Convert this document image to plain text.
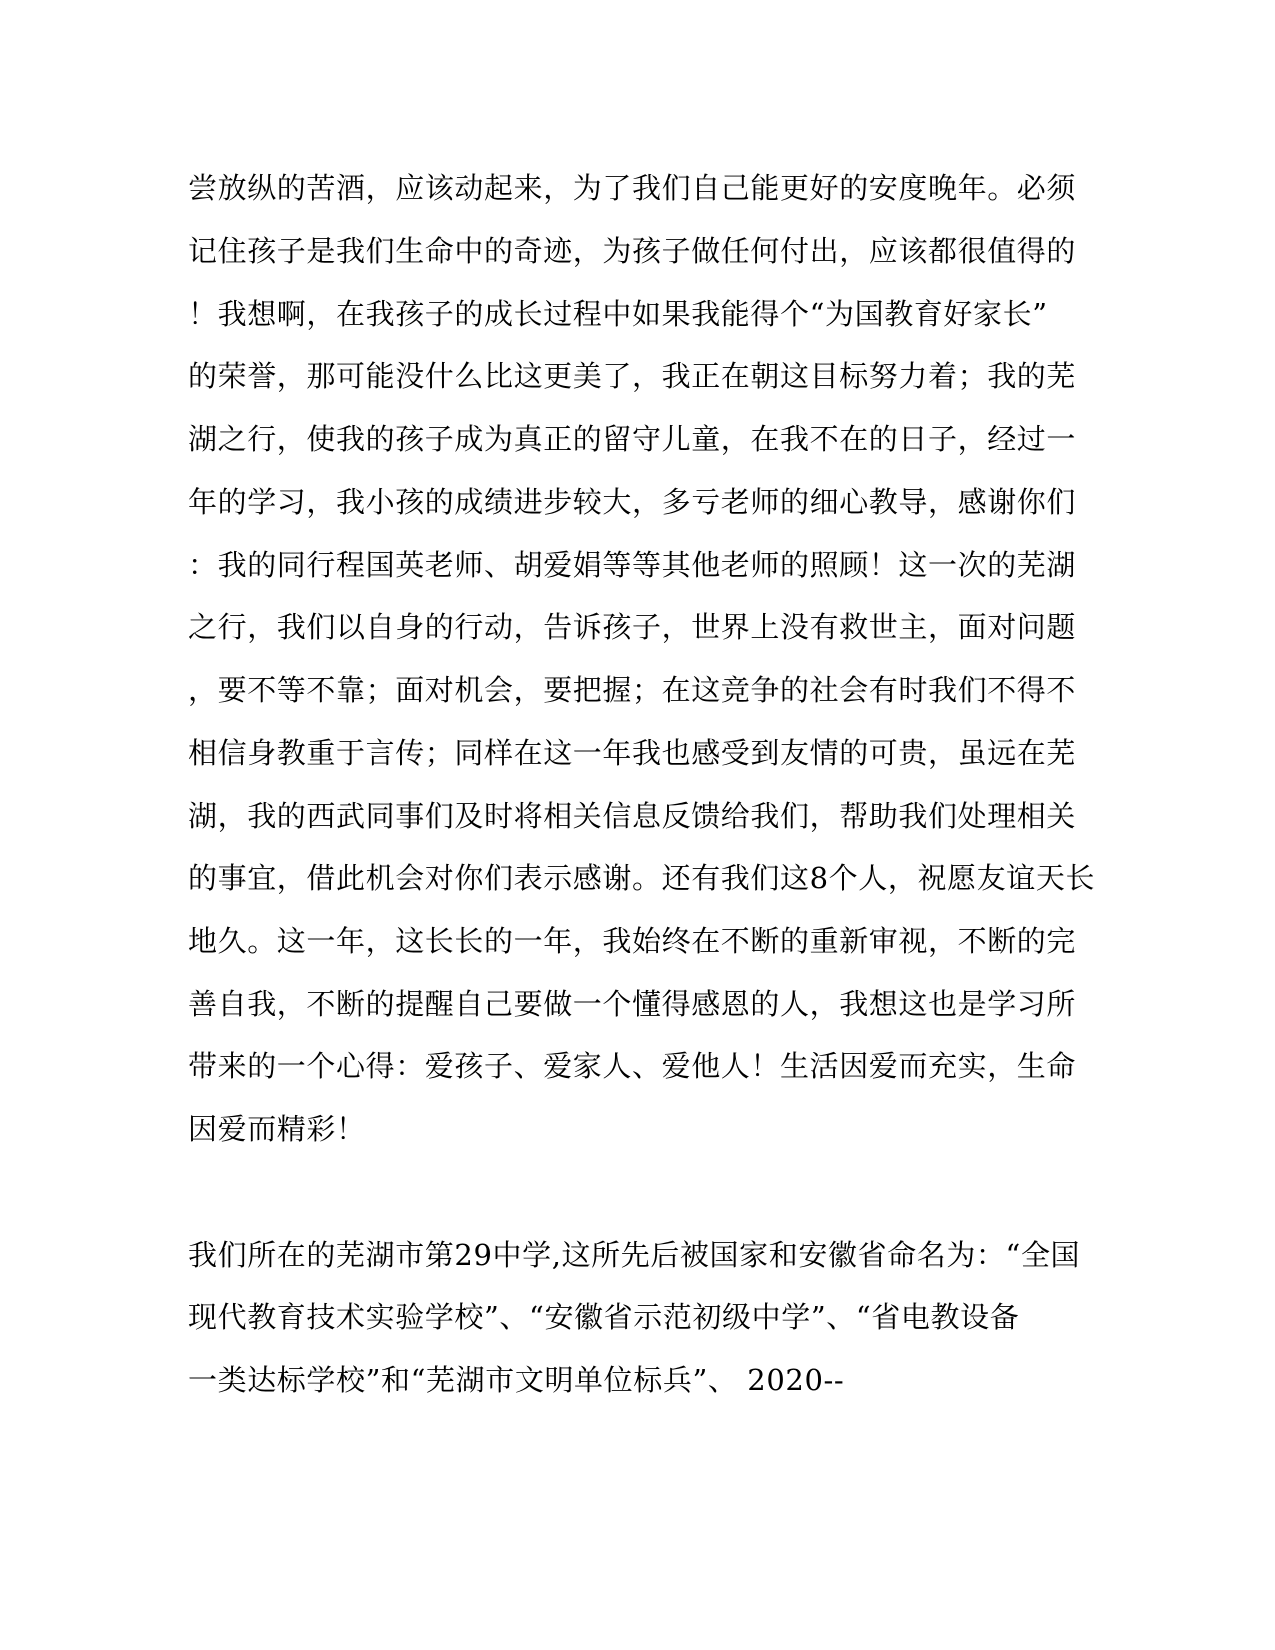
尝放纵的苦酒，应该动起来，为了我们自己能更好的安度晚年。必须
记住孩子是我们生命中的奇迹，为孩子做任何付出，应该都很值得的
！我想啊，在我孩子的成长过程中如果我能得个“为国教育好家长”
的荣誉，那可能没什么比这更美了，我正在朝这目标努力着；我的芜
湖之行，使我的孩子成为真正的留守儿童，在我不在的日子，经过一
年的学习，我小孩的成绩进步较大，多亏老师的细心教导，感谢你们
：我的同行程国英老师、胡爱娟等等其他老师的照顾！这一次的芜湖
之行，我们以自身的行动，告诉孩子，世界上没有救世主，面对问题
，要不等不靠；面对机会，要把握；在这竞争的社会有时我们不得不
相信身教重于言传；同样在这一年我也感受到友情的可贵，虽远在芜
湖，我的西武同事们及时将相关信息反馈给我们，帮助我们处理相关
的事宜，借此机会对你们表示感谢。还有我们这8个人，祝愿友谊天长
地久。这一年，这长长的一年，我始终在不断的重新审视，不断的完
善自我，不断的提醒自己要做一个懂得感恩的人，我想这也是学习所
带来的一个心得：爱孩子、爱家人、爱他人！生活因爱而充实，生命
因爱而精彩！
我们所在的芜湖市第29中学,这所先后被国家和安徽省命名为：“全国
现代教育技术实验学校”、“安徽省示范初级中学”、“省电教设备
一类达标学校”和“芜湖市文明单位标兵”、 2020--
